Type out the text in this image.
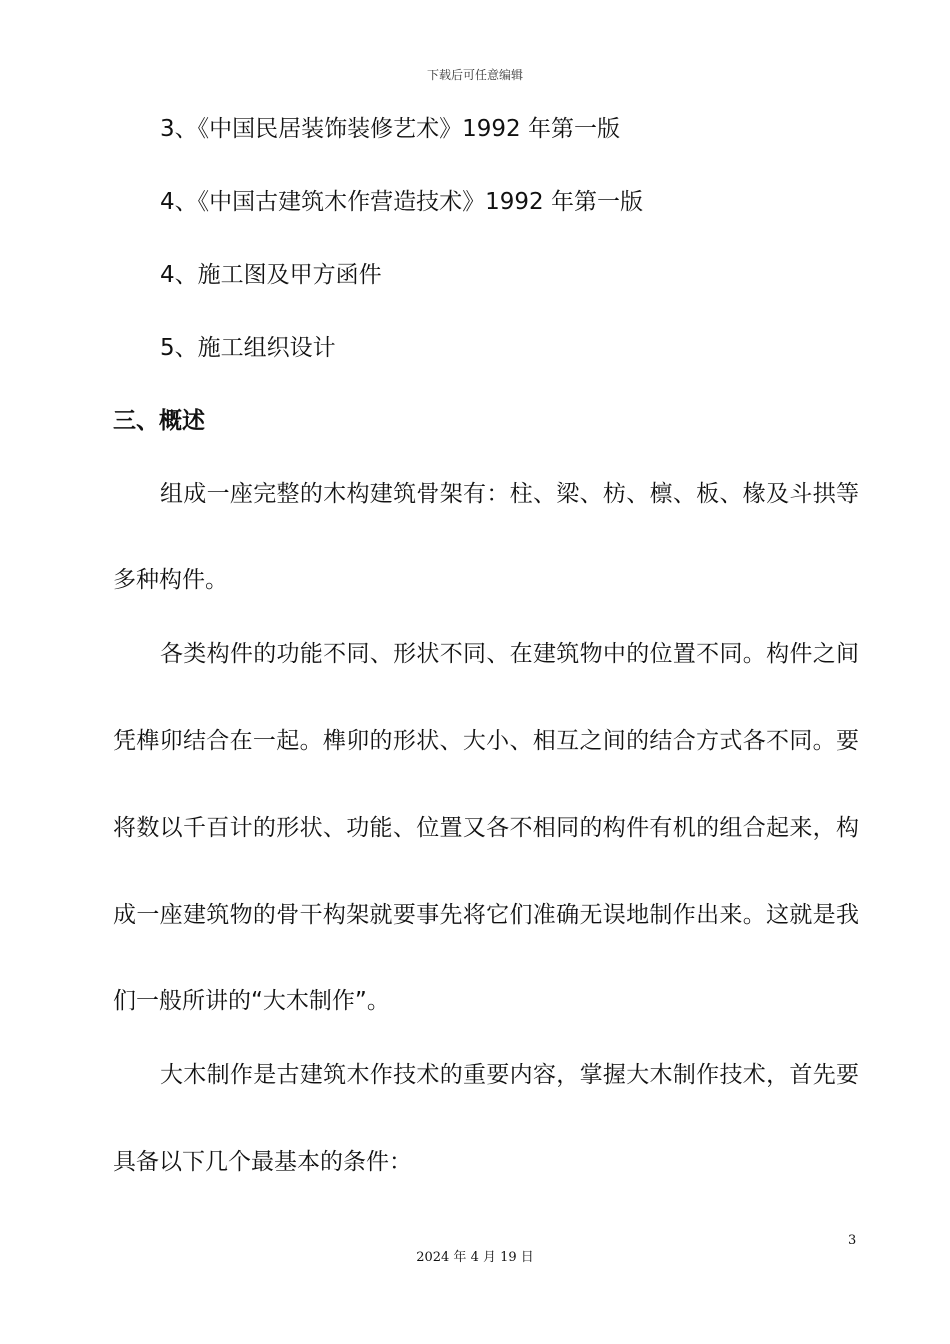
下载后可任意编辑
3、《中国民居装饰装修艺术》1992 年第一版
4、《中国古建筑木作营造技术》1992 年第一版
4、施工图及甲方函件
5、施工组织设计
三、概述
组成一座完整的木构建筑骨架有：柱、梁、枋、檩、板、椽及斗拱等
多种构件。
各类构件的功能不同、形状不同、在建筑物中的位置不同。构件之间
凭榫卯结合在一起。榫卯的形状、大小、相互之间的结合方式各不同。要
将数以千百计的形状、功能、位置又各不相同的构件有机的组合起来，构
成一座建筑物的骨干构架就要事先将它们准确无误地制作出来。这就是我
们一般所讲的“大木制作”。
大木制作是古建筑木作技术的重要内容，掌握大木制作技术，首先要
具备以下几个最基本的条件：
3
2024 年 4 月 19 日
